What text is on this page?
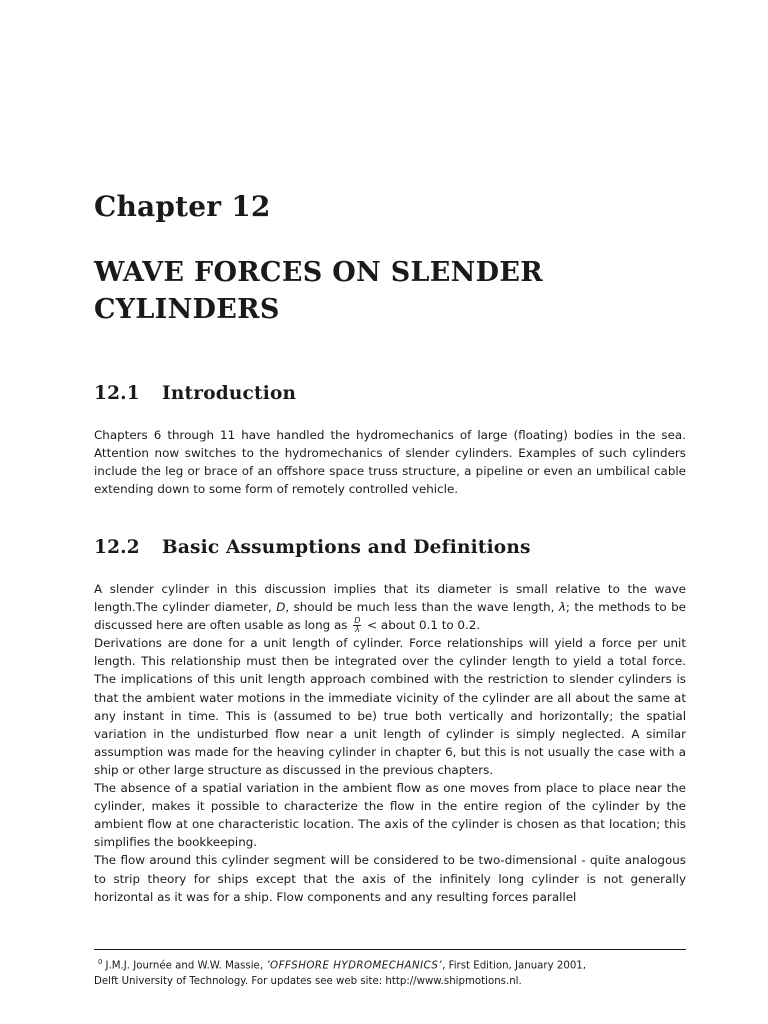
Chapter 12
WAVE FORCES ON SLENDER
CYLINDERS
12.1 Introduction

Chapters 6 through 11 have handled the hydromechanics of large (floating) bodies in the sea. Attention now switches to the hydromechanics of slender cylinders. Examples of such cylinders include the leg or brace of an offshore space truss structure, a pipeline or even an umbilical cable extending down to some form of remotely controlled vehicle.

12.2 Basic Assumptions and Definitions

A slender cylinder in this discussion implies that its diameter is small relative to the wave length.The cylinder diameter, D, should be much less than the wave length, λ; the methods to be discussed here are often usable as long as $\frac{D}{\lambda}$ < about 0.1 to 0.2.

Derivations are done for a unit length of cylinder. Force relationships will yield a force per unit length. This relationship must then be integrated over the cylinder length to yield a total force. The implications of this unit length approach combined with the restriction to slender cylinders is that the ambient water motions in the immediate vicinity of the cylinder are all about the same at any instant in time. This is (assumed to be) true both vertically and horizontally; the spatial variation in the undisturbed flow near a unit length of cylinder is simply neglected. A similar assumption was made for the heaving cylinder in chapter 6, but this is not usually the case with a ship or other large structure as discussed in the previous chapters.

The absence of a spatial variation in the ambient flow as one moves from place to place near the cylinder, makes it possible to characterize the flow in the entire region of the cylinder by the ambient flow at one characteristic location. The axis of the cylinder is chosen as that location; this simplifies the bookkeeping.

The flow around this cylinder segment will be considered to be two-dimensional - quite analogous to strip theory for ships except that the axis of the infinitely long cylinder is not generally horizontal as it was for a ship. Flow components and any resulting forces parallel

$^0$ J.M.J. Journée and W.W. Massie, ’OFFSHORE HYDROMECHANICS’, First Edition, January 2001,
Delft University of Technology. For updates see web site: http://www.shipmotions.nl.
